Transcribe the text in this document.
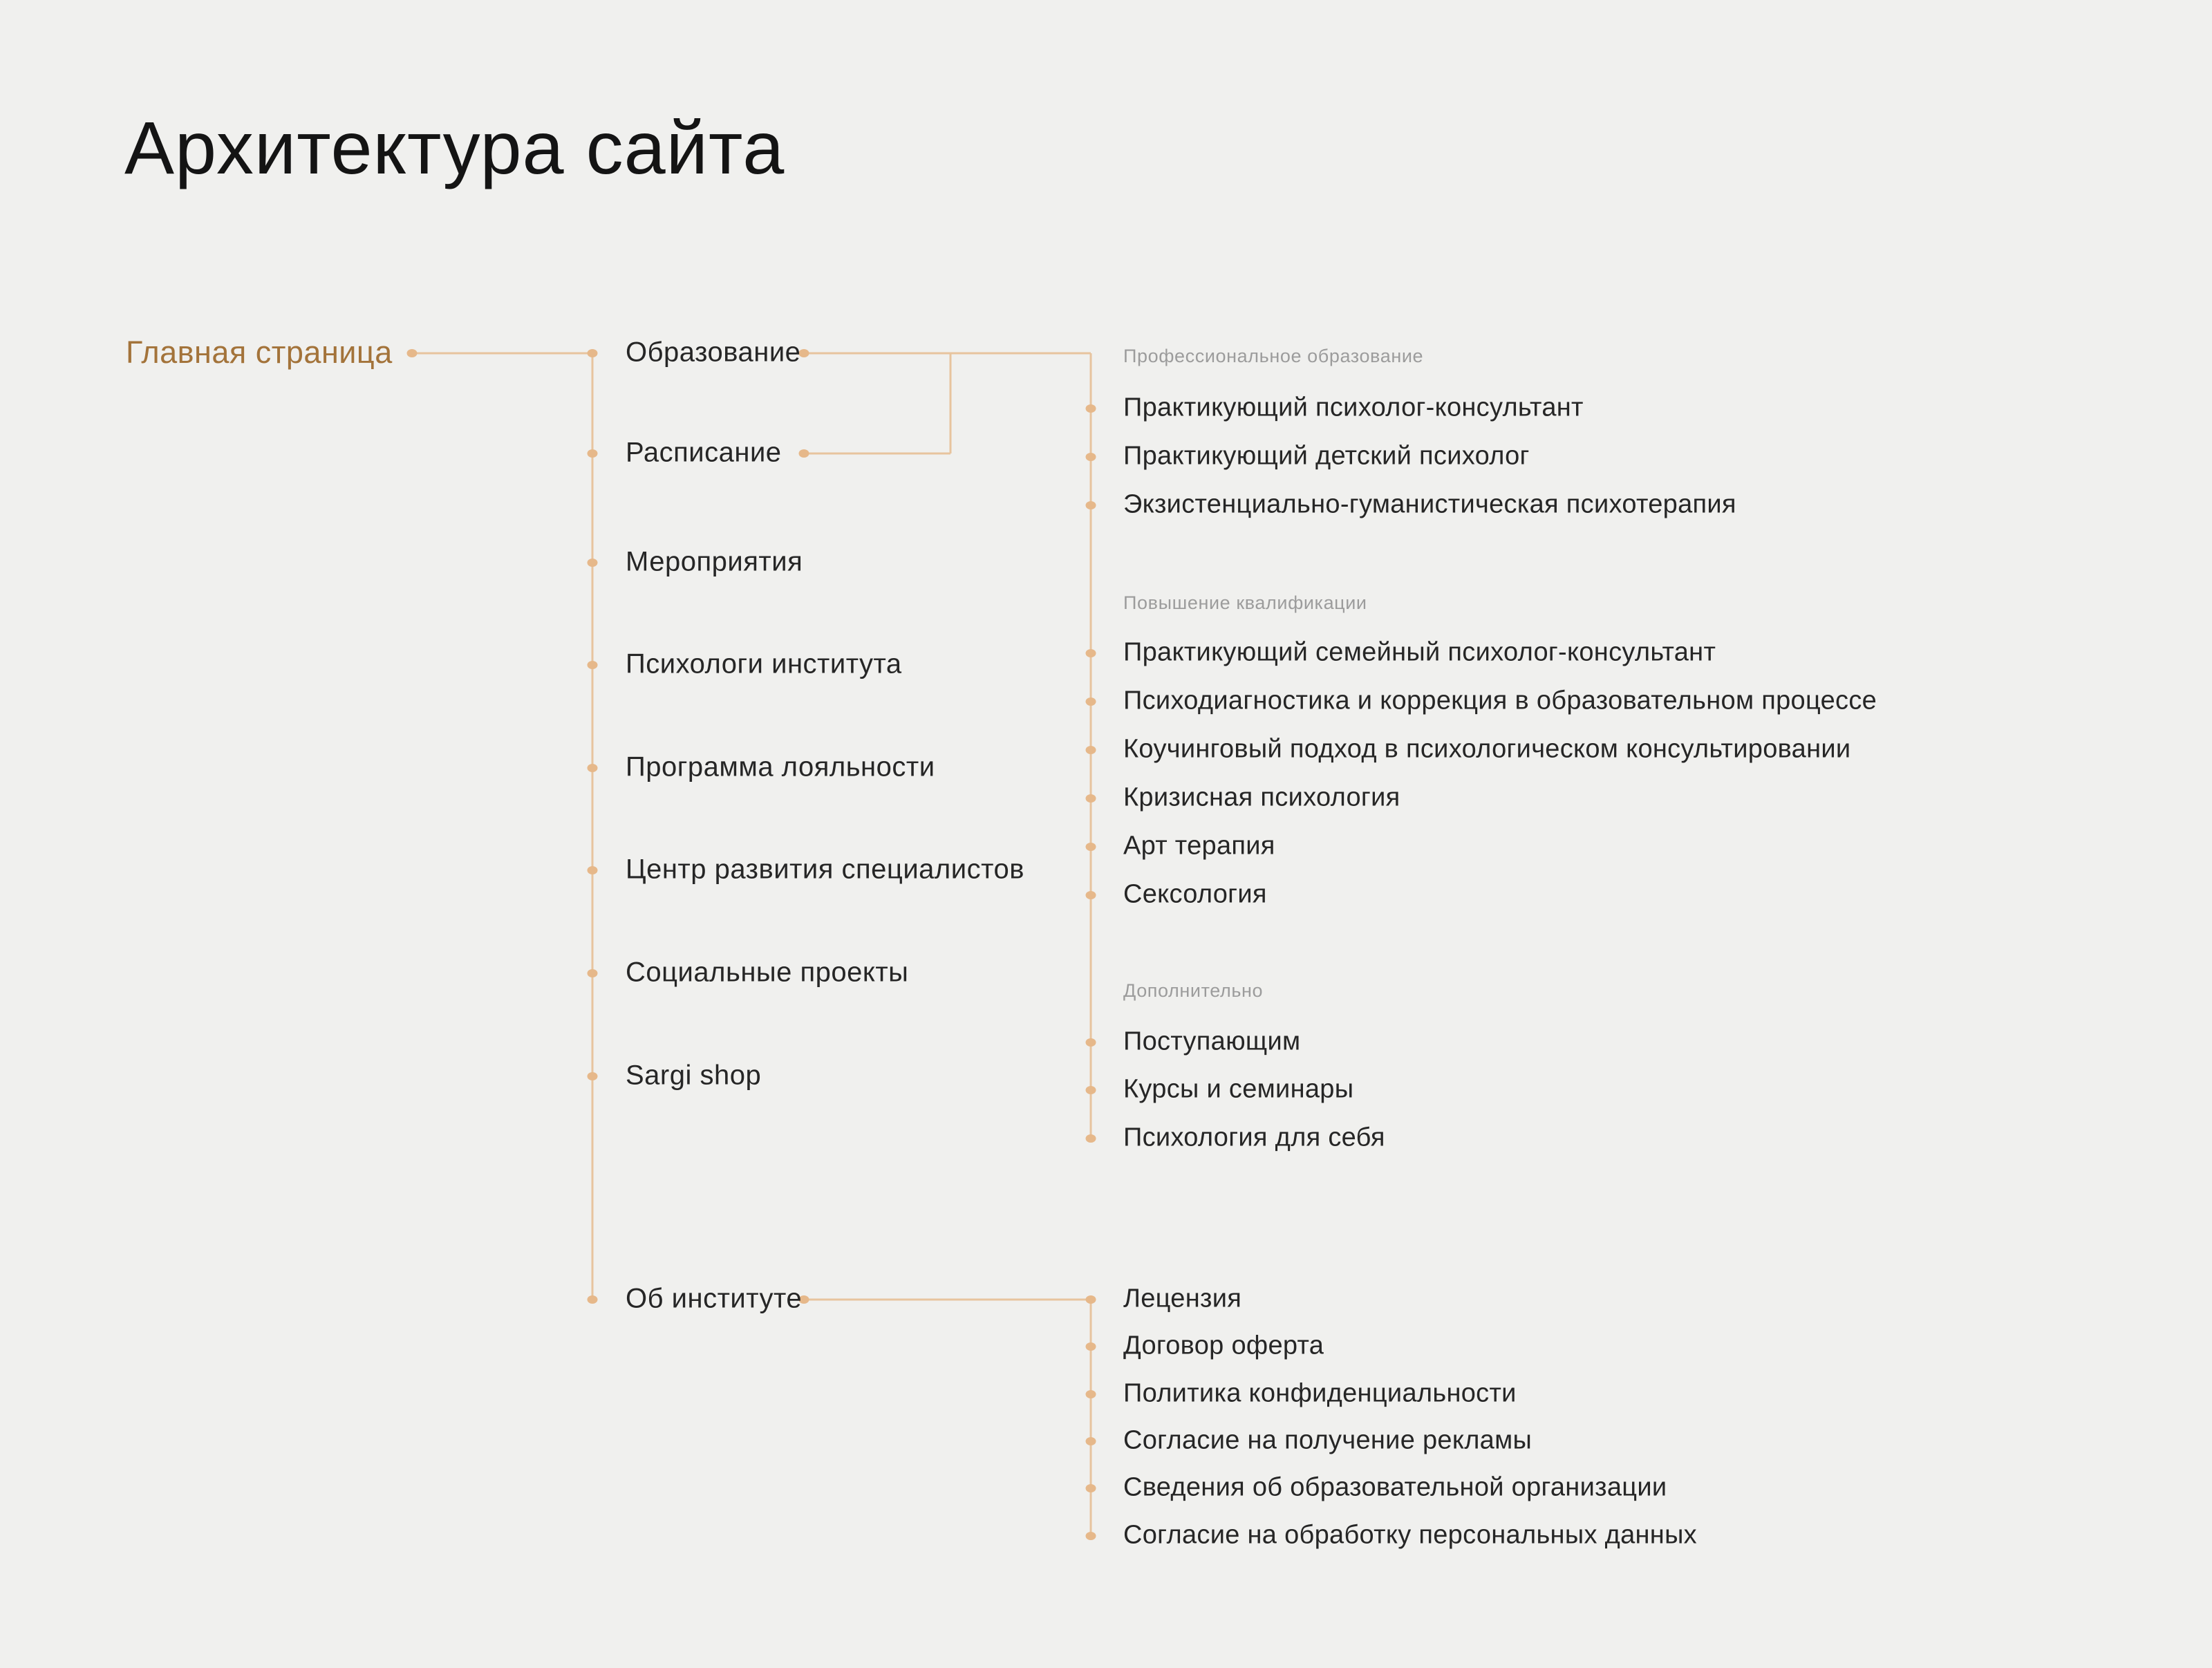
Архитектура сайта
Главная страница	Образование
Расписание
Мероприятия
Психологи института
Программа лояльности
Центр развития специалистов
Социальные проекты
Sargi shop
Об институте
Профессиональное образование
Практикующий психолог-консультант
Практикующий детский психолог
Экзистенциально-гуманистическая психотерапия
Повышение квалификации
Практикующий семейный психолог-консультант
Психодиагностика и коррекция в образовательном процессе
Коучинговый подход в психологическом консультировании
Кризисная психология
Арт терапия
Сексология
Дополнительно
Поступающим
Курсы и семинары
Психология для себя
Лецензия
Договор оферта
Политика конфиденциальности
Согласие на получение рекламы
Сведения об образовательной организации
Согласие на обработку персональных данных
